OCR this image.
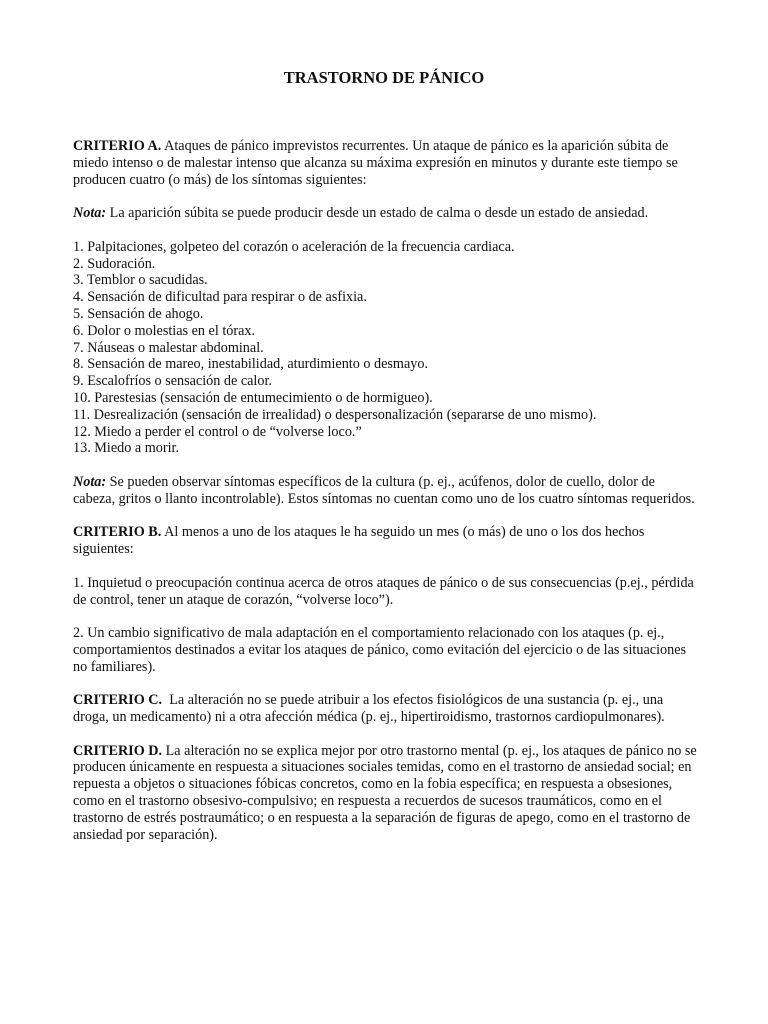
TRASTORNO DE PÁNICO

CRITERIO A. Ataques de pánico imprevistos recurrentes. Un ataque de pánico es la aparición súbita de miedo intenso o de malestar intenso que alcanza su máxima expresión en minutos y durante este tiempo se producen cuatro (o más) de los síntomas siguientes:

Nota: La aparición súbita se puede producir desde un estado de calma o desde un estado de ansiedad.

1. Palpitaciones, golpeteo del corazón o aceleración de la frecuencia cardiaca.

2. Sudoración.

3. Temblor o sacudidas.

4. Sensación de dificultad para respirar o de asfixia.

5. Sensación de ahogo.

6. Dolor o molestias en el tórax.

7. Náuseas o malestar abdominal.

8. Sensación de mareo, inestabilidad, aturdimiento o desmayo.

9. Escalofríos o sensación de calor.

10. Parestesias (sensación de entumecimiento o de hormigueo).

11. Desrealización (sensación de irrealidad) o despersonalización (separarse de uno mismo).

12. Miedo a perder el control o de “volverse loco.”

13. Miedo a morir.

Nota: Se pueden observar síntomas específicos de la cultura (p. ej., acúfenos, dolor de cuello, dolor de cabeza, gritos o llanto incontrolable). Estos síntomas no cuentan como uno de los cuatro síntomas requeridos.

CRITERIO B. Al menos a uno de los ataques le ha seguido un mes (o más) de uno o los dos hechos siguientes:

1. Inquietud o preocupación continua acerca de otros ataques de pánico o de sus consecuencias (p.ej., pérdida de control, tener un ataque de corazón, “volverse loco”).

2. Un cambio significativo de mala adaptación en el comportamiento relacionado con los ataques (p. ej., comportamientos destinados a evitar los ataques de pánico, como evitación del ejercicio o de las situaciones no familiares).

CRITERIO C. La alteración no se puede atribuir a los efectos fisiológicos de una sustancia (p. ej., una droga, un medicamento) ni a otra afección médica (p. ej., hipertiroidismo, trastornos cardiopulmonares).

CRITERIO D. La alteración no se explica mejor por otro trastorno mental (p. ej., los ataques de pánico no se producen únicamente en respuesta a situaciones sociales temidas, como en el trastorno de ansiedad social; en repuesta a objetos o situaciones fóbicas concretos, como en la fobia específica; en respuesta a obsesiones, como en el trastorno obsesivo-compulsivo; en respuesta a recuerdos de sucesos traumáticos, como en el trastorno de estrés postraumático; o en respuesta a la separación de figuras de apego, como en el trastorno de ansiedad por separación).
